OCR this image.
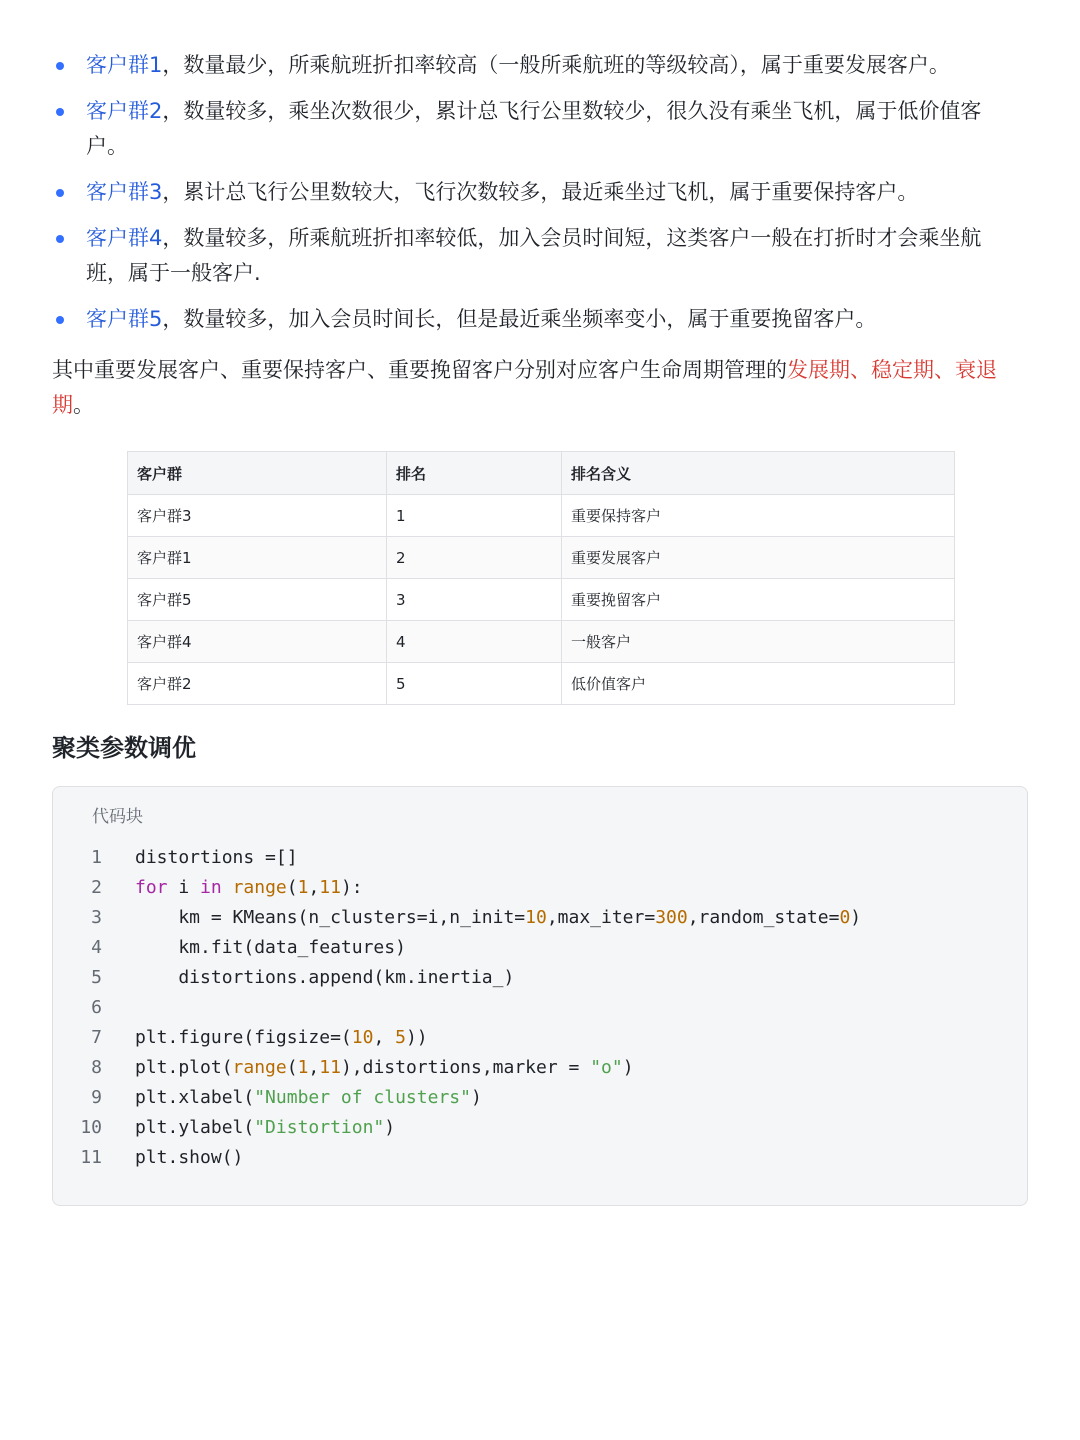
客户群1，数量最少，所乘航班折扣率较高（一般所乘航班的等级较高），属于重要发展客户。
客户群2，数量较多，乘坐次数很少，累计总飞行公里数较少，很久没有乘坐飞机，属于低价值客户。
客户群3，累计总飞行公里数较大，飞行次数较多，最近乘坐过飞机，属于重要保持客户。
客户群4，数量较多，所乘航班折扣率较低，加入会员时间短，这类客户一般在打折时才会乘坐航班，属于一般客户.
客户群5，数量较多，加入会员时间长，但是最近乘坐频率变小，属于重要挽留客户。

其中重要发展客户、重要保持客户、重要挽留客户分别对应客户生命周期管理的发展期、稳定期、衰退期。

客户群	排名	排名含义
客户群3	1	重要保持客户
客户群1	2	重要发展客户
客户群5	3	重要挽留客户
客户群4	4	一般客户
客户群2	5	低价值客户
聚类参数调优
代码块
1 distortions =[]
2 for i in range(1,11):
3 km = KMeans(n_clusters=i,n_init=10,max_iter=300,random_state=0)
4 km.fit(data_features)
5 distortions.append(km.inertia_)
6
7 plt.figure(figsize=(10, 5))
8 plt.plot(range(1,11),distortions,marker = "o")
9 plt.xlabel("Number of clusters")
10 plt.ylabel("Distortion")
11 plt.show()
